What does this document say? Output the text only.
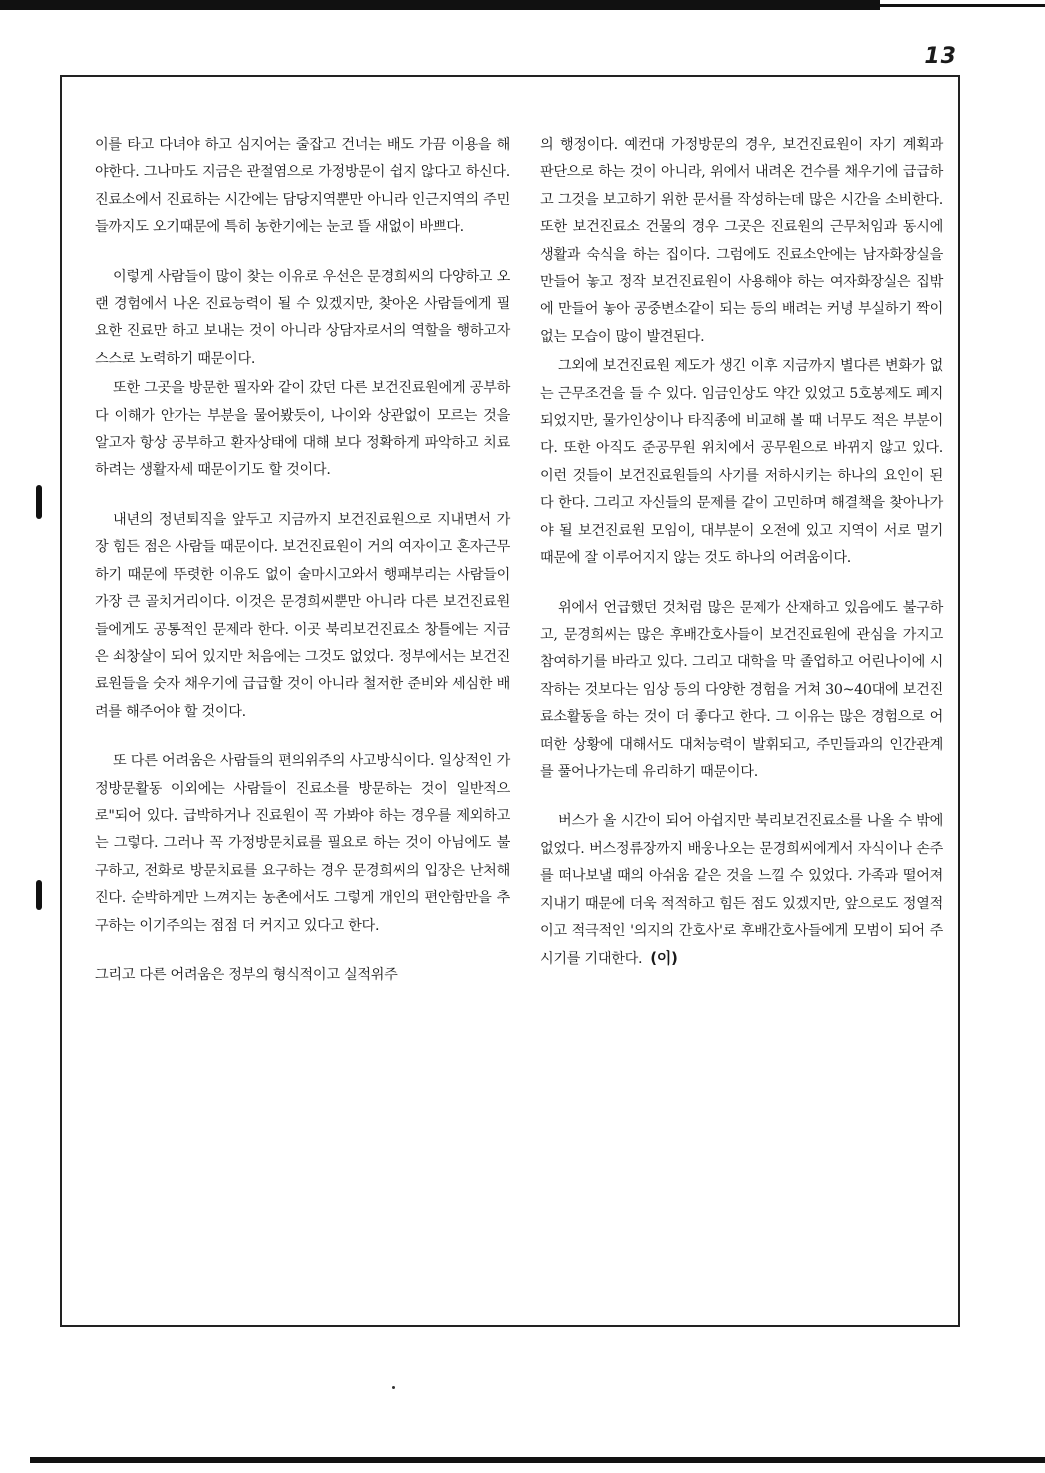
13

이를 타고 다녀야 하고 심지어는 줄잡고 건너는 배도 가끔 이용을 해야한다. 그나마도 지금은 관절염으로 가정방문이 쉽지 않다고 하신다. 진료소에서 진료하는 시간에는 담당지역뿐만 아니라 인근지역의 주민들까지도 오기때문에 특히 농한기에는 눈코 뜰 새없이 바쁘다.

이렇게 사람들이 많이 찾는 이유로 우선은 문경희씨의 다양하고 오랜 경험에서 나온 진료능력이 될 수 있겠지만, 찾아온 사람들에게 필요한 진료만 하고 보내는 것이 아니라 상담자로서의 역할을 행하고자 스스로 노력하기 때문이다.

또한 그곳을 방문한 필자와 같이 갔던 다른 보건진료원에게 공부하다 이해가 안가는 부분을 물어봤듯이, 나이와 상관없이 모르는 것을 알고자 항상 공부하고 환자상태에 대해 보다 정확하게 파악하고 치료하려는 생활자세 때문이기도 할 것이다.

내년의 정년퇴직을 앞두고 지금까지 보건진료원으로 지내면서 가장 힘든 점은 사람들 때문이다. 보건진료원이 거의 여자이고 혼자근무하기 때문에 뚜렷한 이유도 없이 술마시고와서 행패부리는 사람들이 가장 큰 골치거리이다. 이것은 문경희씨뿐만 아니라 다른 보건진료원들에게도 공통적인 문제라 한다. 이곳 북리보건진료소 창틀에는 지금은 쇠창살이 되어 있지만 처음에는 그것도 없었다. 정부에서는 보건진료원들을 숫자 채우기에 급급할 것이 아니라 철저한 준비와 세심한 배려를 해주어야 할 것이다.

또 다른 어려움은 사람들의 편의위주의 사고방식이다. 일상적인 가정방문활동 이외에는 사람들이 진료소를 방문하는 것이 일반적으로"되어 있다. 급박하거나 진료원이 꼭 가봐야 하는 경우를 제외하고는 그렇다. 그러나 꼭 가정방문치료를 필요로 하는 것이 아님에도 불구하고, 전화로 방문치료를 요구하는 경우 문경희씨의 입장은 난처해진다. 순박하게만 느껴지는 농촌에서도 그렇게 개인의 편안함만을 추구하는 이기주의는 점점 더 커지고 있다고 한다.

그리고 다른 어려움은 정부의 형식적이고 실적위주

의 행정이다. 예컨대 가정방문의 경우, 보건진료원이 자기 계획과 판단으로 하는 것이 아니라, 위에서 내려온 건수를 채우기에 급급하고 그것을 보고하기 위한 문서를 작성하는데 많은 시간을 소비한다. 또한 보건진료소 건물의 경우 그곳은 진료원의 근무처임과 동시에 생활과 숙식을 하는 집이다. 그럼에도 진료소안에는 남자화장실을 만들어 놓고 정작 보건진료원이 사용해야 하는 여자화장실은 집밖에 만들어 놓아 공중변소같이 되는 등의 배려는 커녕 부실하기 짝이 없는 모습이 많이 발견된다.

그외에 보건진료원 제도가 생긴 이후 지금까지 별다른 변화가 없는 근무조건을 들 수 있다. 임금인상도 약간 있었고 5호봉제도 폐지되었지만, 물가인상이나 타직종에 비교해 볼 때 너무도 적은 부분이다. 또한 아직도 준공무원 위치에서 공무원으로 바뀌지 않고 있다. 이런 것들이 보건진료원들의 사기를 저하시키는 하나의 요인이 된다 한다. 그리고 자신들의 문제를 같이 고민하며 해결책을 찾아나가야 될 보건진료원 모임이, 대부분이 오전에 있고 지역이 서로 멀기때문에 잘 이루어지지 않는 것도 하나의 어려움이다.

위에서 언급했던 것처럼 많은 문제가 산재하고 있음에도 불구하고, 문경희씨는 많은 후배간호사들이 보건진료원에 관심을 가지고 참여하기를 바라고 있다. 그리고 대학을 막 졸업하고 어린나이에 시작하는 것보다는 임상 등의 다양한 경험을 거쳐 30~40대에 보건진료소활동을 하는 것이 더 좋다고 한다. 그 이유는 많은 경험으로 어떠한 상황에 대해서도 대처능력이 발휘되고, 주민들과의 인간관계를 풀어나가는데 유리하기 때문이다.

버스가 올 시간이 되어 아쉽지만 북리보건진료소를 나올 수 밖에 없었다. 버스정류장까지 배웅나오는 문경희씨에게서 자식이나 손주를 떠나보낼 때의 아쉬움 같은 것을 느낄 수 있었다. 가족과 떨어져 지내기 때문에 더욱 적적하고 힘든 점도 있겠지만, 앞으로도 정열적이고 적극적인 '의지의 간호사'로 후배간호사들에게 모범이 되어 주시기를 기대한다. (이)
